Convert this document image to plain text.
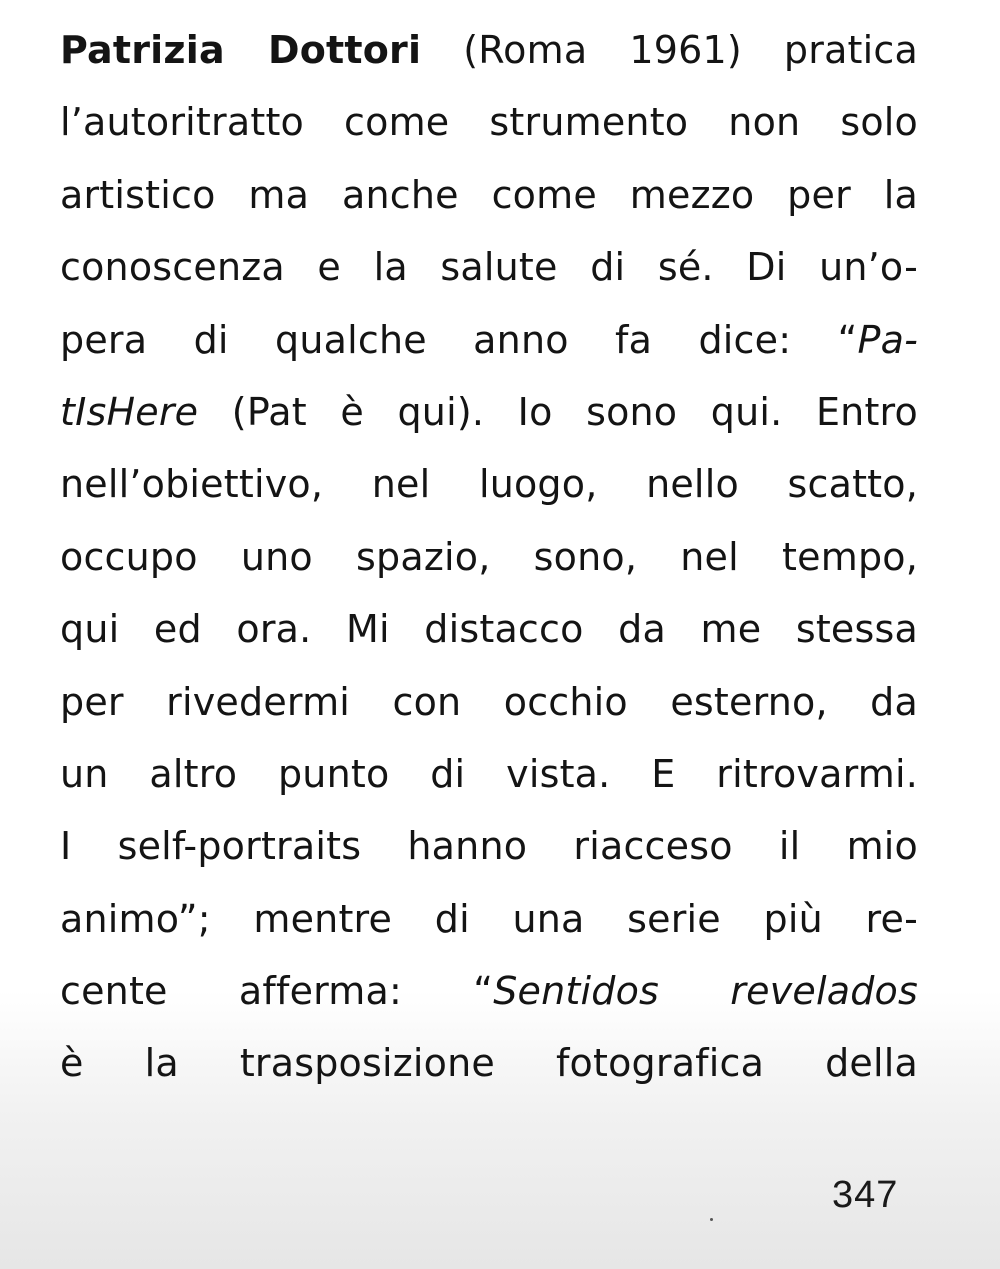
Patrizia Dottori (Roma 1961) pratica
l’autoritratto come strumento non solo
artistico ma anche come mezzo per la
conoscenza e la salute di sé. Di un’o-
pera di qualche anno fa dice: “Pa-
tIsHere (Pat è qui). Io sono qui. Entro
nell’obiettivo, nel luogo, nello scatto,
occupo uno spazio, sono, nel tempo,
qui ed ora. Mi distacco da me stessa
per rivedermi con occhio esterno, da
un altro punto di vista. E ritrovarmi.
I self-portraits hanno riacceso il mio
animo”; mentre di una serie più re-
cente afferma: “Sentidos revelados
è la trasposizione fotografica della
347
